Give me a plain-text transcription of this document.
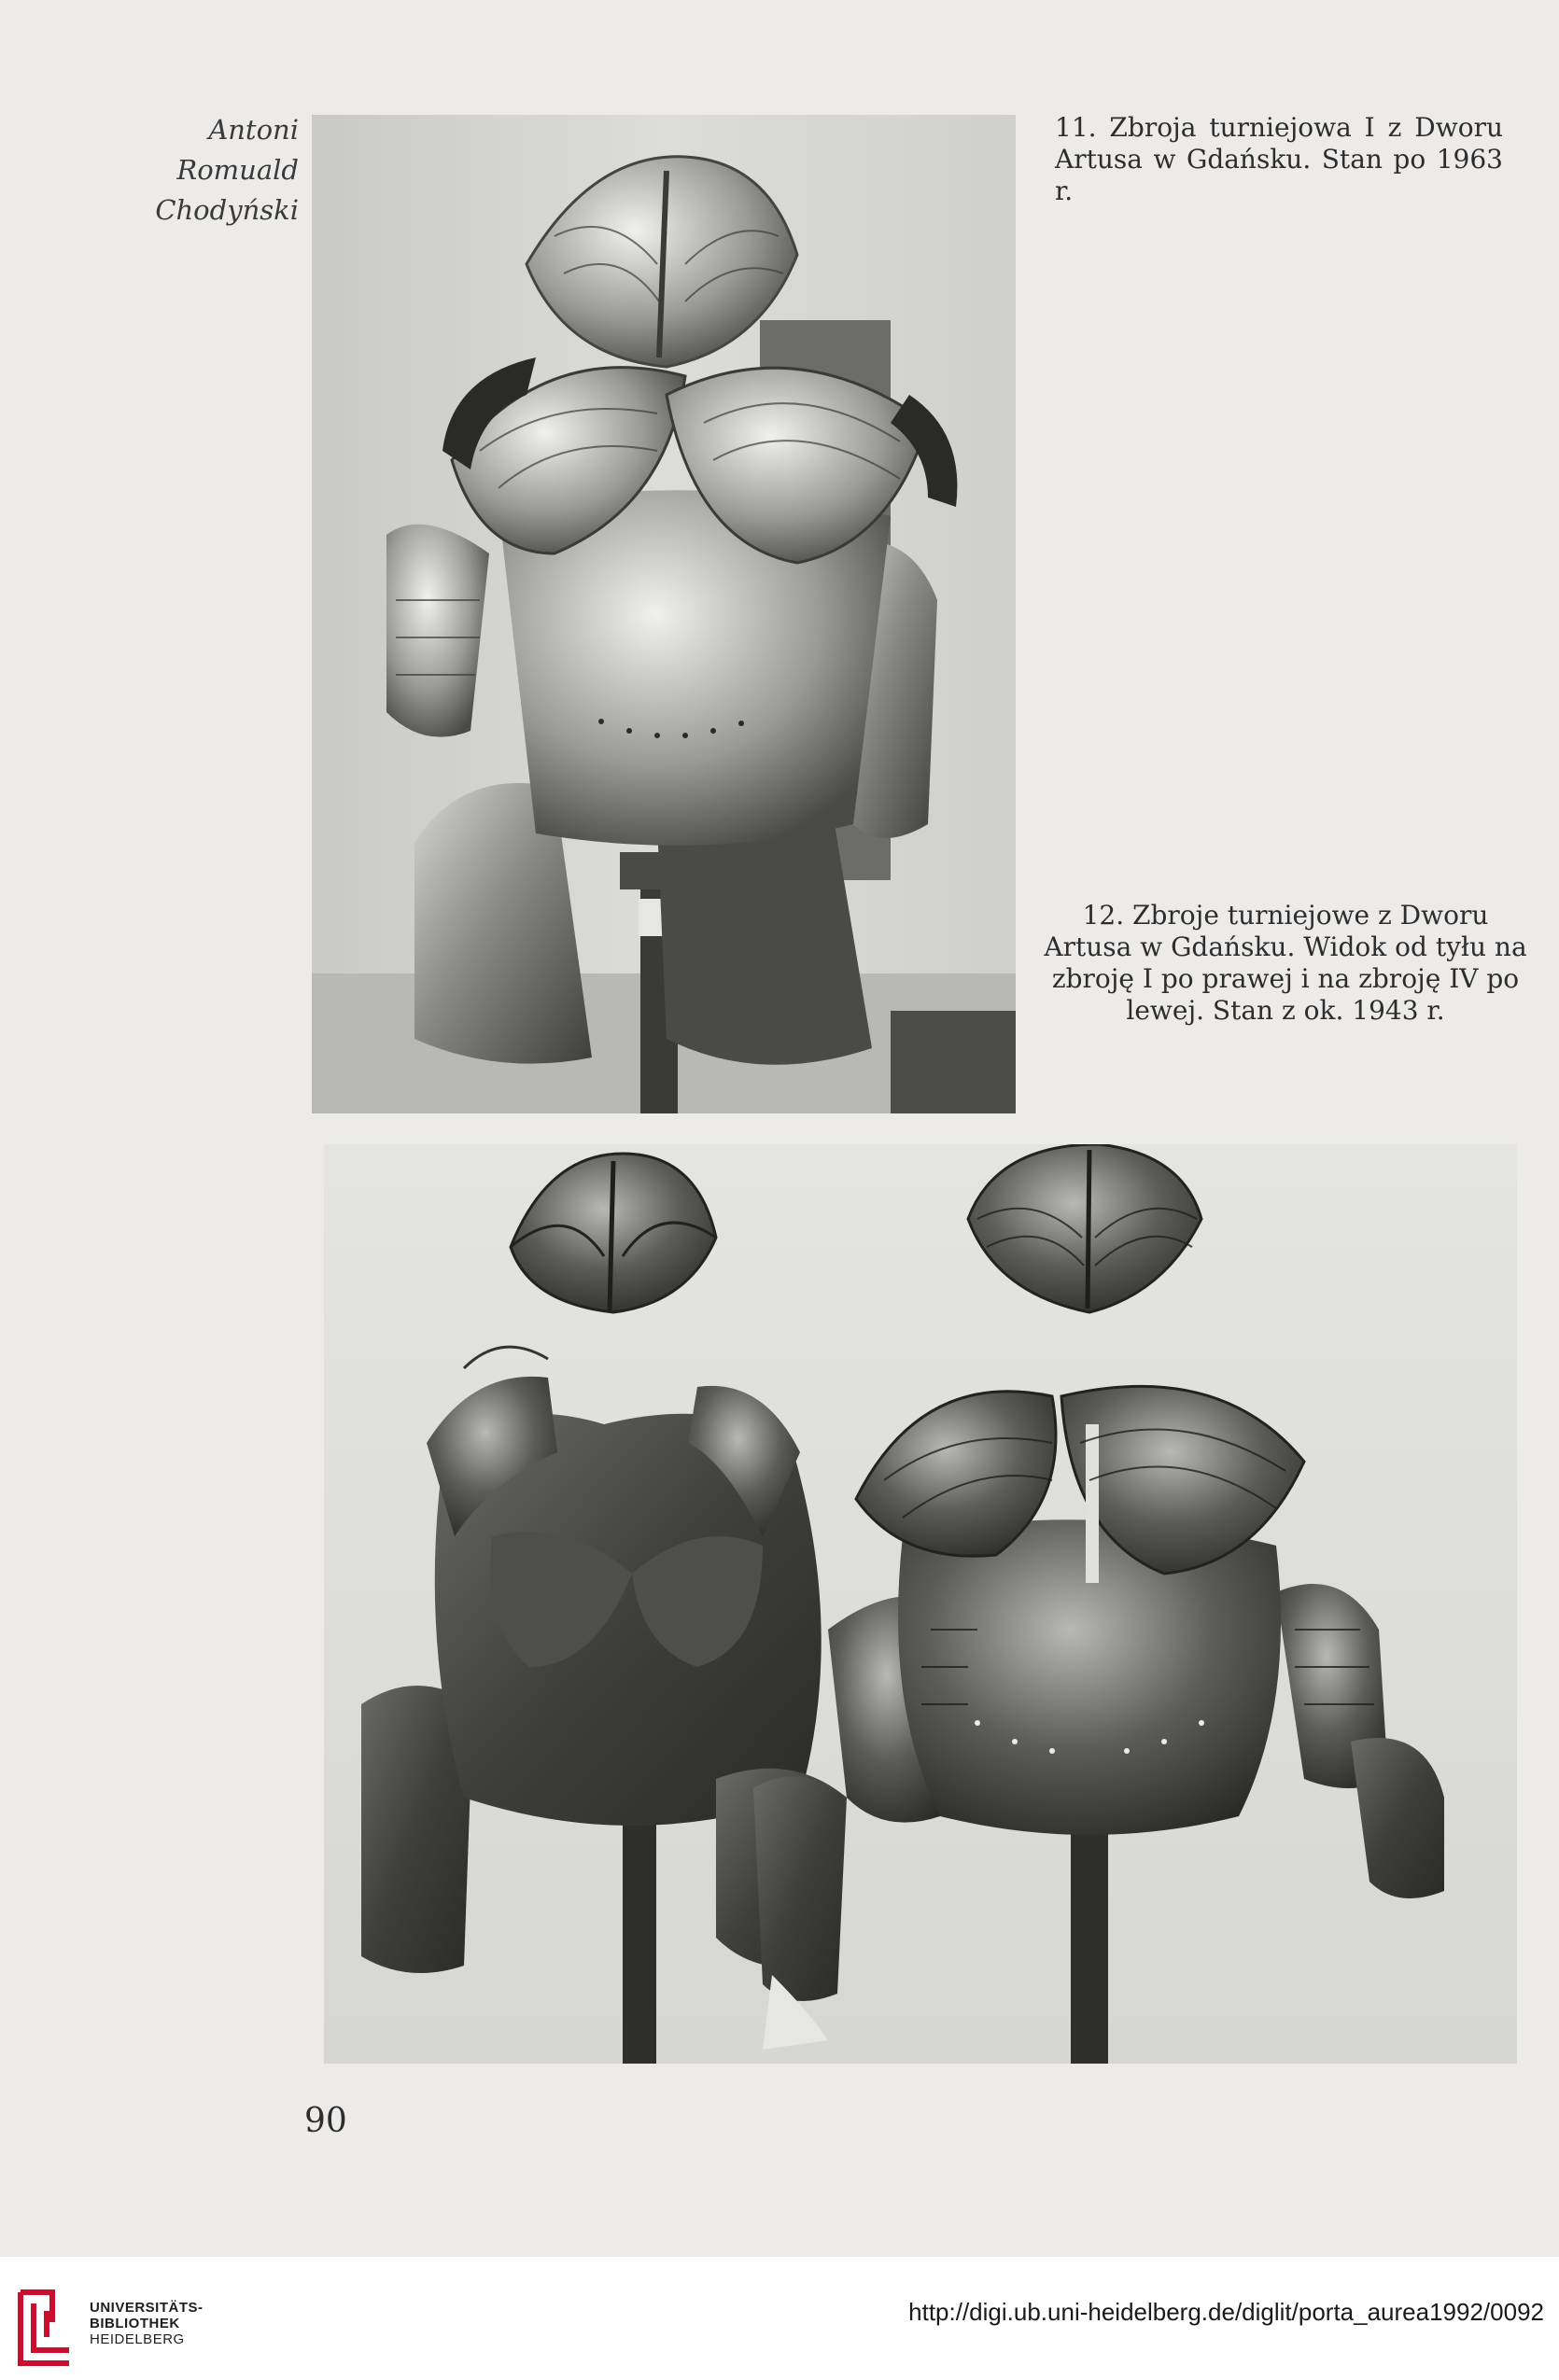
Antoni
Romuald
Chodyński
11. Zbroja turniejowa I z Dworu Artusa w Gdańsku. Stan po 1963 r.
12. Zbroje turniejowe z Dworu Artusa w Gdańsku. Widok od tyłu na zbroję I po prawej i na zbroję IV po lewej. Stan z ok. 1943 r.
90
UNIVERSITÄTS-
BIBLIOTHEK
HEIDELBERG
http://digi.ub.uni-heidelberg.de/diglit/porta_aurea1992/0092
